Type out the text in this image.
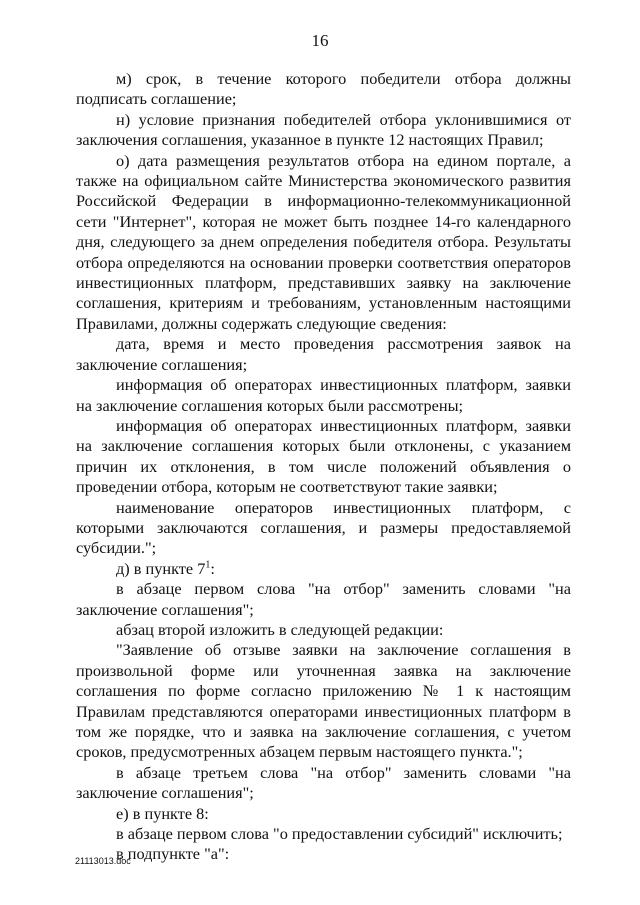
16

м) срок, в течение которого победители отбора должны подписать соглашение;

н) условие признания победителей отбора уклонившимися от заключения соглашения, указанное в пункте 12 настоящих Правил;

о) дата размещения результатов отбора на едином портале, а также на официальном сайте Министерства экономического развития Российской Федерации в информационно-телекоммуникационной сети "Интернет", которая не может быть позднее 14-го календарного дня, следующего за днем определения победителя отбора. Результаты отбора определяются на основании проверки соответствия операторов инвестиционных платформ, представивших заявку на заключение соглашения, критериям и требованиям, установленным настоящими Правилами, должны содержать следующие сведения:

дата, время и место проведения рассмотрения заявок на заключение соглашения;

информация об операторах инвестиционных платформ, заявки на заключение соглашения которых были рассмотрены;

информация об операторах инвестиционных платформ, заявки на заключение соглашения которых были отклонены, с указанием причин их отклонения, в том числе положений объявления о проведении отбора, которым не соответствуют такие заявки;

наименование операторов инвестиционных платформ, с которыми заключаются соглашения, и размеры предоставляемой субсидии.";

д) в пункте $7^1$:

в абзаце первом слова "на отбор" заменить словами "на заключение соглашения";

абзац второй изложить в следующей редакции:

"Заявление об отзыве заявки на заключение соглашения в произвольной форме или уточненная заявка на заключение соглашения по форме согласно приложению № 1 к настоящим Правилам представляются операторами инвестиционных платформ в том же порядке, что и заявка на заключение соглашения, с учетом сроков, предусмотренных абзацем первым настоящего пункта.";

в абзаце третьем слова "на отбор" заменить словами "на заключение соглашения";

е) в пункте 8:

в абзаце первом слова "о предоставлении субсидий" исключить;

в подпункте "а":

21113013.doc
